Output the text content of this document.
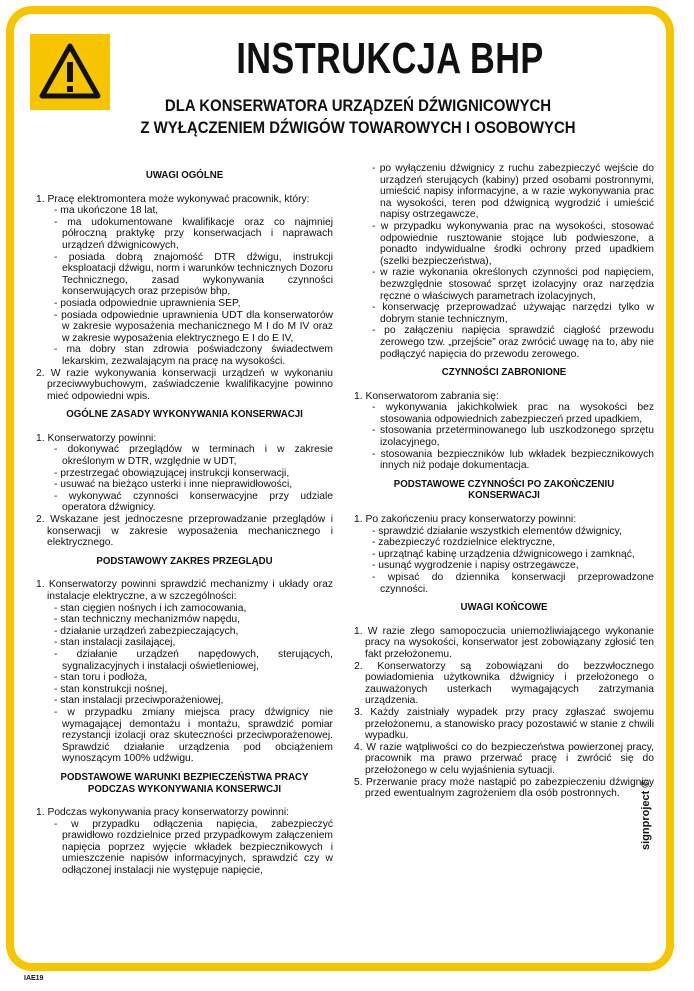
INSTRUKCJA BHP
DLA KONSERWATORA URZĄDZEŃ DŹWIGNICOWYCH
Z WYŁĄCZENIEM DŹWIGÓW TOWAROWYCH I OSOBOWYCH
UWAGI OGÓLNE

1. Pracę elektromontera może wykonywać pracownik, który:

- ma ukończone 18 lat,

- ma udokumentowane kwalifikacje oraz co najmniej półroczną praktykę przy konserwacjach i naprawach urządzeń dźwignicowych,

- posiada dobrą znajomość DTR dźwigu, instrukcji eksploatacji dźwigu, norm i warunków technicznych Dozoru Technicznego, zasad wykonywania czynności konserwujących oraz przepisów bhp,

- posiada odpowiednie uprawnienia SEP,

- posiada odpowiednie uprawnienia UDT dla konserwatorów w zakresie wyposażenia mechanicznego M I do M IV oraz w zakresie wyposażenia elektrycznego E I do E IV,

- ma dobry stan zdrowia poświadczony świadectwem lekarskim, zezwalającym na pracę na wysokości.

2. W razie wykonywania konserwacji urządzeń w wykonaniu przeciwwybuchowym, zaświadczenie kwalifikacyjne powinno mieć odpowiedni wpis.

OGÓLNE ZASADY WYKONYWANIA KONSERWACJI

1. Konserwatorzy powinni:

- dokonywać przeglądów w terminach i w zakresie określonym w DTR, względnie w UDT,

- przestrzegać obowiązującej instrukcji konserwacji,

- usuwać na bieżąco usterki i inne nieprawidłowości,

- wykonywać czynności konserwacyjne przy udziale operatora dźwignicy.

2. Wskazane jest jednoczesne przeprowadzanie przeglądów i konserwacji w zakresie wyposażenia mechanicznego i elektrycznego.

PODSTAWOWY ZAKRES PRZEGLĄDU

1. Konserwatorzy powinni sprawdzić mechanizmy i układy oraz instalacje elektryczne, a w szczególności:

- stan cięgien nośnych i ich zamocowania,

- stan techniczny mechanizmów napędu,

- działanie urządzeń zabezpieczających,

- stan instalacji zasilającej,

- działanie urządzeń napędowych, sterujących, sygnalizacyjnych i instalacji oświetleniowej,

- stan toru i podłoża,

- stan konstrukcji nośnej,

- stan instalacji przeciwporażeniowej,

- w przypadku zmiany miejsca pracy dźwignicy nie wymagającej demontażu i montażu, sprawdzić pomiar rezystancji izolacji oraz skuteczności przeciwporażenowej. Sprawdzić działanie urządzenia pod obciążeniem wynoszącym 100% udźwigu.

PODSTAWOWE WARUNKI BEZPIECZEŃSTWA PRACY
PODCZAS WYKONYWANIA KONSERWCJI

1. Podczas wykonywania pracy konserwatorzy powinni:

- w przypadku odłączenia napięcia, zabezpieczyć prawidłowo rozdzielnice przed przypadkowym załączeniem napięcia poprzez wyjęcie wkładek bezpiecznikowych i umieszczenie napisów informacyjnych, sprawdzić czy w odłączonej instalacji nie występuje napięcie,

- po wyłączeniu dźwignicy z ruchu zabezpieczyć wejście do urządzeń sterujących (kabiny) przed osobami postronnymi, umieścić napisy informacyjne, a w razie wykonywania prac na wysokości, teren pod dźwignicą wygrodzić i umieścić napisy ostrzegawcze,

- w przypadku wykonywania prac na wysokości, stosować odpowiednie rusztowanie stojące lub podwieszone, a ponadto indywidualne środki ochrony przed upadkiem (szelki bezpieczeństwa),

- w razie wykonania określonych czynności pod napięciem, bezwzględnie stosować sprzęt izolacyjny oraz narzędzia ręczne o właściwych parametrach izolacyjnych,

- konserwację przeprowadzać używając narzędzi tylko w dobrym stanie technicznym,

- po załączeniu napięcia sprawdzić ciągłość przewodu zerowego tzw. „przejście” oraz zwrócić uwagę na to, aby nie podłączyć napięcia do przewodu zerowego.

CZYNNOŚCI ZABRONIONE

1. Konserwatorom zabrania się:

- wykonywania jakichkolwiek prac na wysokości bez stosowania odpowiednich zabezpieczeń przed upadkiem,

- stosowania przeterminowanego lub uszkodzonego sprzętu izolacyjnego,

- stosowania bezpieczników lub wkładek bezpiecznikowych innych niż podaje dokumentacja.

PODSTAWOWE CZYNNOŚCI PO ZAKOŃCZENIU KONSERWACJI

1. Po zakończeniu pracy konserwatorzy powinni:

- sprawdzić działanie wszystkich elementów dźwignicy,

- zabezpieczyć rozdzielnice elektryczne,

- uprzątnąć kabinę urządzenia dźwignicowego i zamknąć,

- usunąć wygrodzenie i napisy ostrzegawcze,

- wpisać do dziennika konserwacji przeprowadzone czynności.

UWAGI KOŃCOWE

1. W razie złego samopoczucia uniemożliwiającego wykonanie pracy na wysokości, konserwator jest zobowiązany zgłosić ten fakt przełożonemu.

2. Konserwatorzy są zobowiązani do bezzwłocznego powiadomienia użytkownika dźwignicy i przełożonego o zauważonych usterkach wymagających zatrzymania urządzenia.

3. Każdy zaistniały wypadek przy pracy zgłaszać swojemu przełożonemu, a stanowisko pracy pozostawić w stanie z chwili wypadku.

4. W razie wątpliwości co do bezpieczeństwa powierzonej pracy, pracownik ma prawo przerwać pracę i zwrócić się do przełożonego w celu wyjaśnienia sytuacji.

5. Przerwanie pracy może nastąpić po zabezpieczeniu dźwignicy przed ewentualnym zagrożeniem dla osób postronnych.	signproject ©
IAE19
